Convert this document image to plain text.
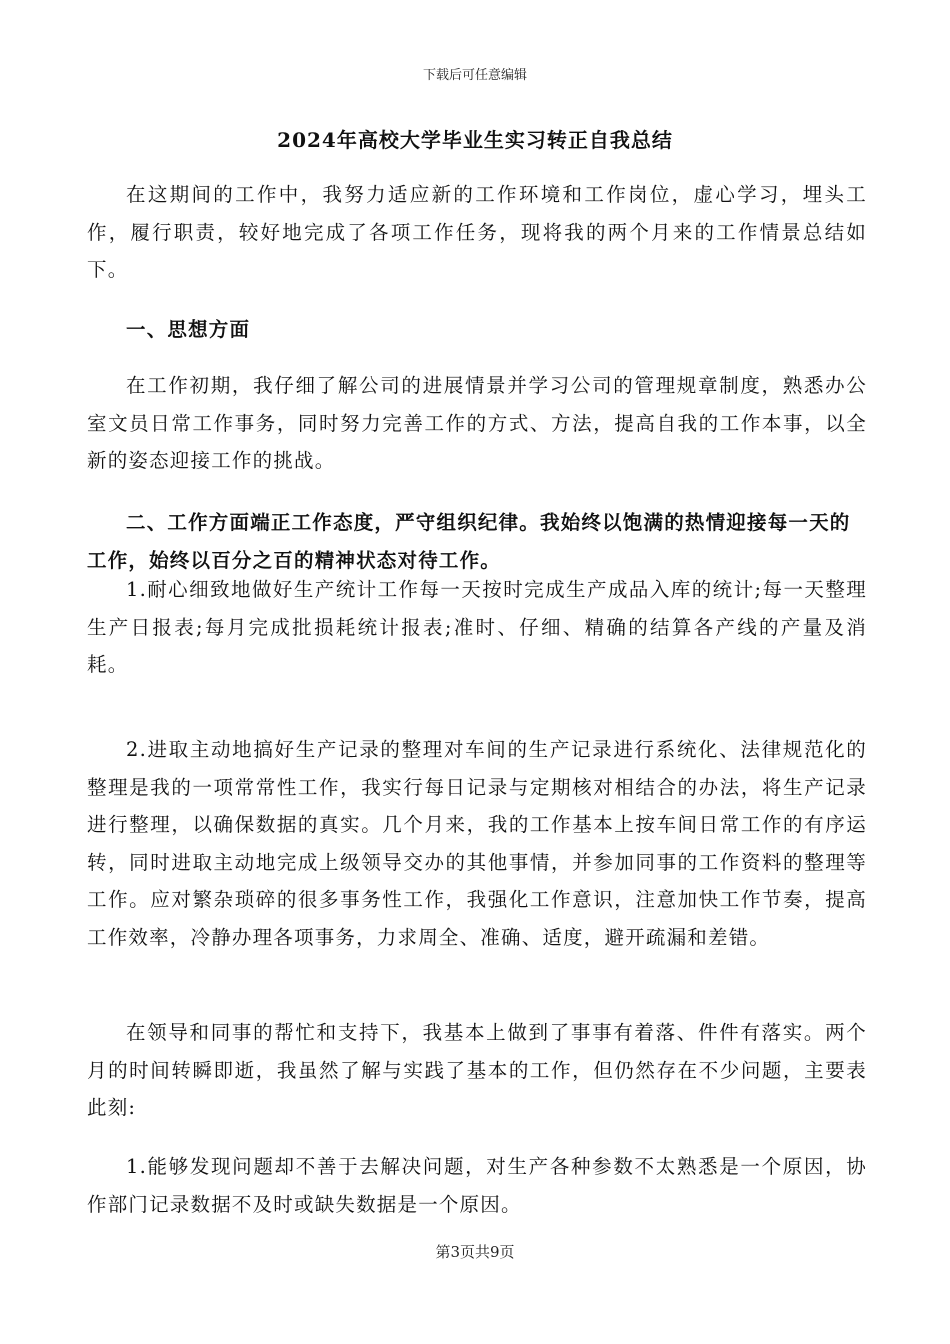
下载后可任意编辑
2024年高校大学毕业生实习转正自我总结

在这期间的工作中，我努力适应新的工作环境和工作岗位，虚心学习，埋头工作，履行职责，较好地完成了各项工作任务，现将我的两个月来的工作情景总结如下。

一、思想方面

在工作初期，我仔细了解公司的进展情景并学习公司的管理规章制度，熟悉办公室文员日常工作事务，同时努力完善工作的方式、方法，提高自我的工作本事，以全新的姿态迎接工作的挑战。

二、工作方面端正工作态度，严守组织纪律。我始终以饱满的热情迎接每一天的工作，始终以百分之百的精神状态对待工作。

1.耐心细致地做好生产统计工作每一天按时完成生产成品入库的统计;每一天整理生产日报表;每月完成批损耗统计报表;准时、仔细、精确的结算各产线的产量及消耗。

2.进取主动地搞好生产记录的整理对车间的生产记录进行系统化、法律规范化的整理是我的一项常常性工作，我实行每日记录与定期核对相结合的办法，将生产记录进行整理，以确保数据的真实。几个月来，我的工作基本上按车间日常工作的有序运转，同时进取主动地完成上级领导交办的其他事情，并参加同事的工作资料的整理等工作。应对繁杂琐碎的很多事务性工作，我强化工作意识，注意加快工作节奏，提高工作效率，冷静办理各项事务，力求周全、准确、适度，避开疏漏和差错。

在领导和同事的帮忙和支持下，我基本上做到了事事有着落、件件有落实。两个月的时间转瞬即逝，我虽然了解与实践了基本的工作，但仍然存在不少问题，主要表此刻:

1.能够发现问题却不善于去解决问题，对生产各种参数不太熟悉是一个原因，协作部门记录数据不及时或缺失数据是一个原因。

第3页共9页
